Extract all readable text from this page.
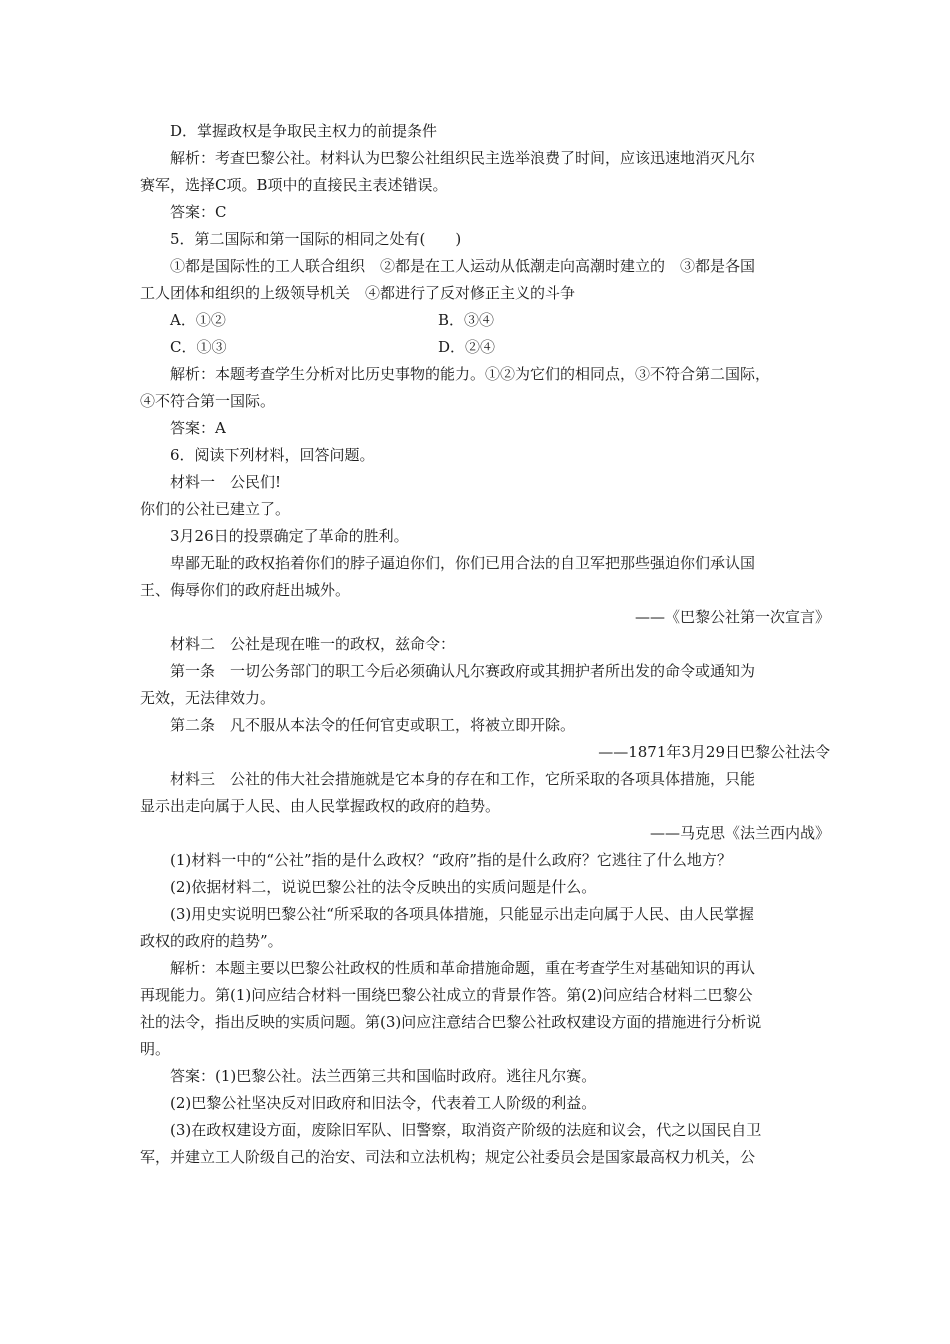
D．掌握政权是争取民主权力的前提条件

解析：考查巴黎公社。材料认为巴黎公社组织民主选举浪费了时间，应该迅速地消灭凡尔

赛军，选择C项。B项中的直接民主表述错误。

答案：C

5．第二国际和第一国际的相同之处有(　　)

①都是国际性的工人联合组织　②都是在工人运动从低潮走向高潮时建立的　③都是各国

工人团体和组织的上级领导机关　④都进行了反对修正主义的斗争

A．①②	B．③④
C．①③	D．②④

解析：本题考查学生分析对比历史事物的能力。①②为它们的相同点，③不符合第二国际，

④不符合第一国际。

答案：A

6．阅读下列材料，回答问题。

材料一　公民们!

你们的公社已建立了。

3月26日的投票确定了革命的胜利。

卑鄙无耻的政权掐着你们的脖子逼迫你们，你们已用合法的自卫军把那些强迫你们承认国

王、侮辱你们的政府赶出城外。

——《巴黎公社第一次宣言》

材料二　公社是现在唯一的政权，兹命令：

第一条　一切公务部门的职工今后必须确认凡尔赛政府或其拥护者所出发的命令或通知为

无效，无法律效力。

第二条　凡不服从本法令的任何官吏或职工，将被立即开除。

——1871年3月29日巴黎公社法令

材料三　公社的伟大社会措施就是它本身的存在和工作，它所采取的各项具体措施，只能

显示出走向属于人民、由人民掌握政权的政府的趋势。

——马克思《法兰西内战》

(1)材料一中的“公社”指的是什么政权？“政府”指的是什么政府？它逃往了什么地方？

(2)依据材料二，说说巴黎公社的法令反映出的实质问题是什么。

(3)用史实说明巴黎公社“所采取的各项具体措施，只能显示出走向属于人民、由人民掌握

政权的政府的趋势”。

解析：本题主要以巴黎公社政权的性质和革命措施命题，重在考查学生对基础知识的再认

再现能力。第(1)问应结合材料一围绕巴黎公社成立的背景作答。第(2)问应结合材料二巴黎公

社的法令，指出反映的实质问题。第(3)问应注意结合巴黎公社政权建设方面的措施进行分析说

明。

答案：(1)巴黎公社。法兰西第三共和国临时政府。逃往凡尔赛。

(2)巴黎公社坚决反对旧政府和旧法令，代表着工人阶级的利益。

(3)在政权建设方面，废除旧军队、旧警察，取消资产阶级的法庭和议会，代之以国民自卫

军，并建立工人阶级自己的治安、司法和立法机构；规定公社委员会是国家最高权力机关，公
